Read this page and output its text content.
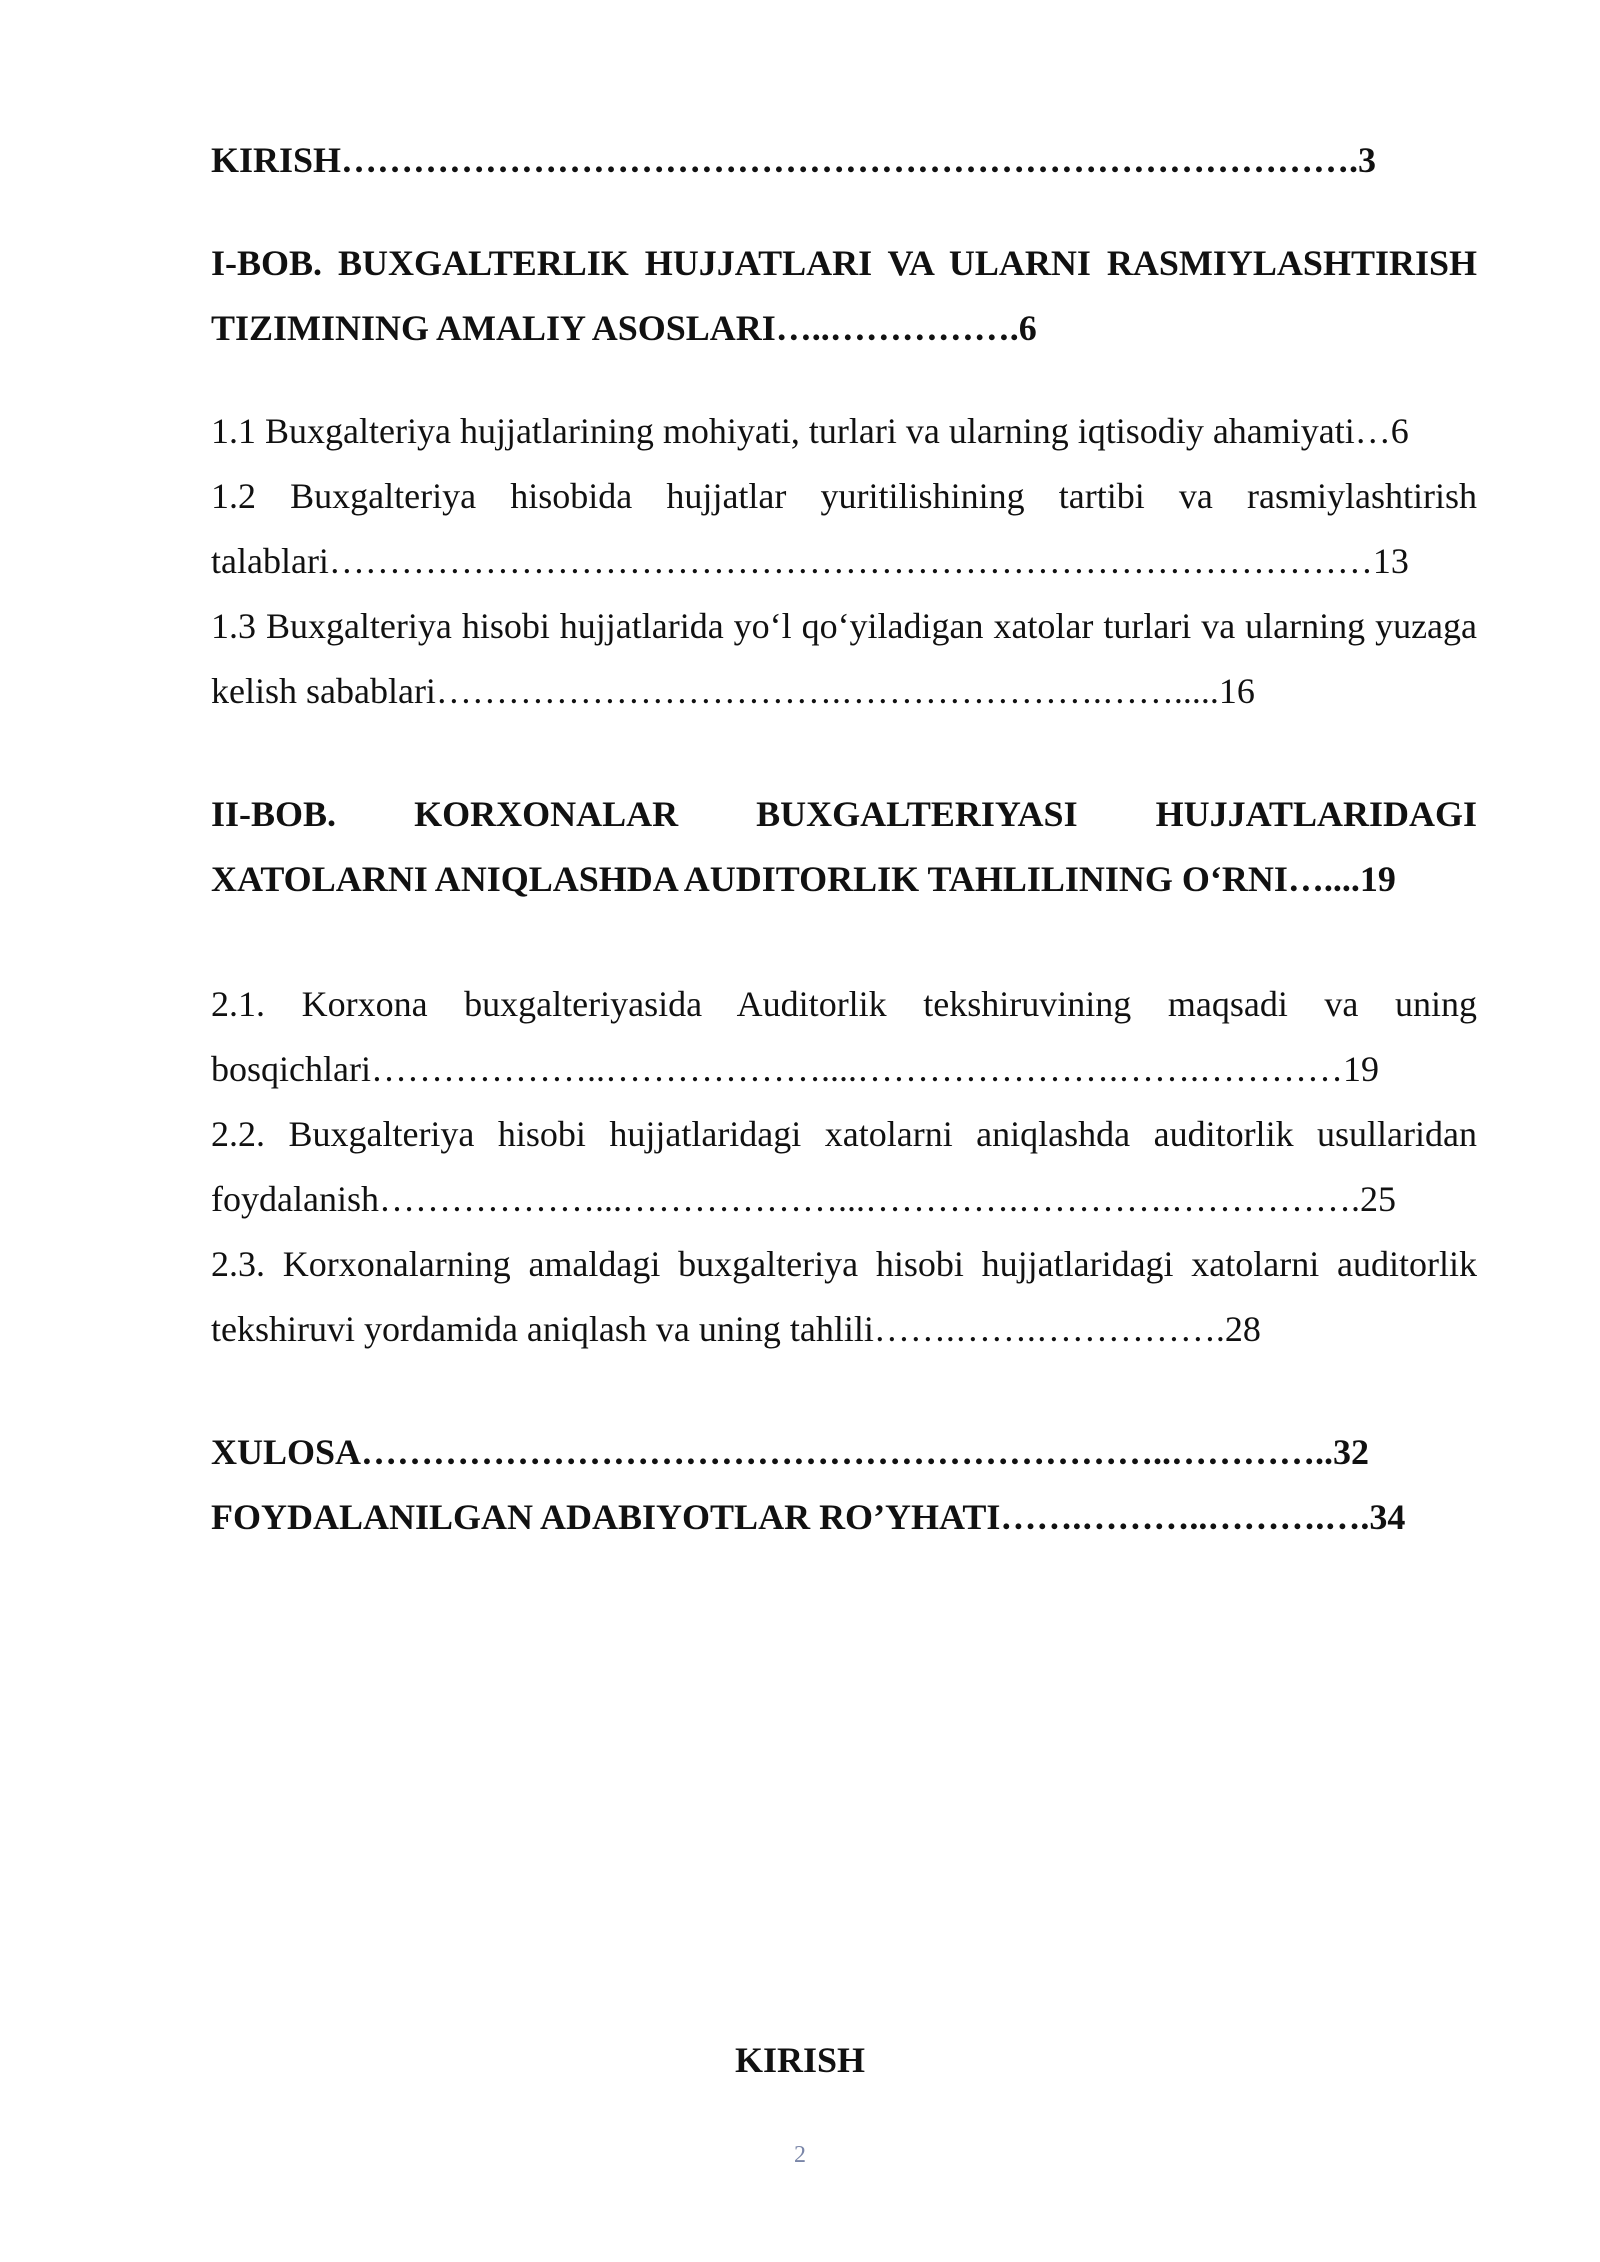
KIRISH………………………………………………………………………….3

I-BOB. BUXGALTERLIK HUJJATLARI VA ULARNI RASMIYLASHTIRISH TIZIMINING AMALIY ASOSLARI…..…………….6

1.1 Buxgalteriya hujjatlarining mohiyati, turlari va ularning iqtisodiy ahamiyati…6

1.2 Buxgalteriya hisobida hujjatlar yuritilishining tartibi va rasmiylashtirish talablari……………………………………………………………………………13

1.3 Buxgalteriya hisobi hujjatlarida yo‘l qo‘yiladigan xatolar turlari va ularning yuzaga kelish sabablari…………………………….………………….…….....16

II-BOB. KORXONALAR BUXGALTERIYASI HUJJATLARIDAGI XATOLARNI ANIQLASHDA AUDITORLIK TAHLILINING O‘RNI…....19

2.1. Korxona buxgalteriyasida Auditorlik tekshiruvining maqsadi va uning bosqichlari………………..………………....………………….…….…………19

2.2. Buxgalteriya hisobi hujjatlaridagi xatolarni aniqlashda auditorlik usullaridan foydalanish………………...………………...………….………….…………….25

2.3. Korxonalarning amaldagi buxgalteriya hisobi hujjatlaridagi xatolarni auditorlik tekshiruvi yordamida aniqlash va uning tahlili…….…….…………….28

XULOSA…………………………………………………………..…………..32

FOYDALANILGAN ADABIYOTLAR RO’YHATI…….………..……….….34

KIRISH
2
